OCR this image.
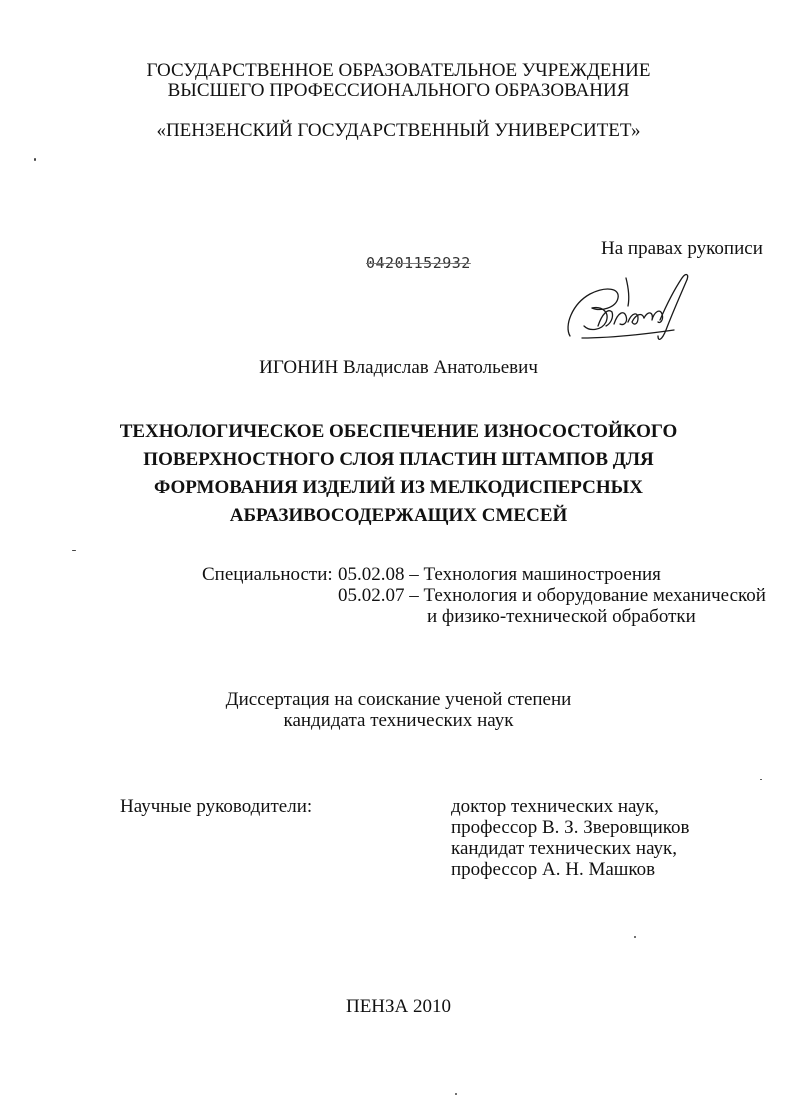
ГОСУДАРСТВЕННОЕ ОБРАЗОВАТЕЛЬНОЕ УЧРЕЖДЕНИЕ
ВЫСШЕГО ПРОФЕССИОНАЛЬНОГО ОБРАЗОВАНИЯ
«ПЕНЗЕНСКИЙ ГОСУДАРСТВЕННЫЙ УНИВЕРСИТЕТ»
На правах рукописи
04201152932
ИГОНИН Владислав Анатольевич
ТЕХНОЛОГИЧЕСКОЕ ОБЕСПЕЧЕНИЕ ИЗНОСОСТОЙКОГО
ПОВЕРХНОСТНОГО СЛОЯ ПЛАСТИН ШТАМПОВ ДЛЯ
ФОРМОВАНИЯ ИЗДЕЛИЙ ИЗ МЕЛКОДИСПЕРСНЫХ
АБРАЗИВОСОДЕРЖАЩИХ СМЕСЕЙ
Специальности: 05.02.08 – Технология машиностроения
05.02.07 – Технология и оборудование механической
и физико-технической обработки
Диссертация на соискание ученой степени
кандидата технических наук
Научные руководители:	доктор технических наук,
профессор В. З. Зверовщиков
кандидат технических наук,
профессор А. Н. Машков
ПЕНЗА 2010
